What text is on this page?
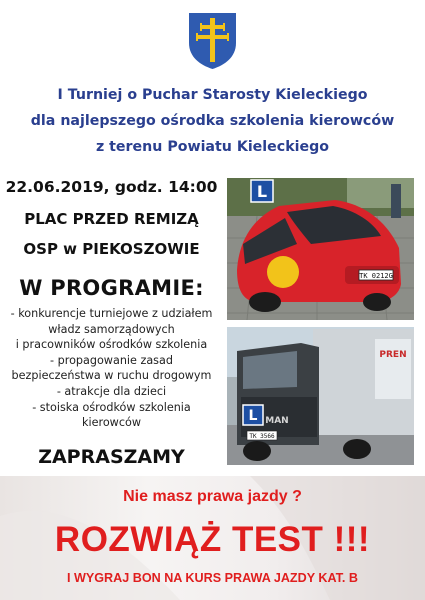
I Turniej o Puchar Starosty Kieleckiego
dla najlepszego ośrodka szkolenia kierowców
z terenu Powiatu Kieleckiego
22.06.2019, godz. 14:00
PLAC PRZED REMIZĄ
OSP w PIEKOSZOWIE
W PROGRAMIE:
- konkurencje turniejowe z udziałem
władz samorządowych
i pracowników ośrodków szkolenia
- propagowanie zasad
bezpieczeństwa w ruchu drogowym
- atrakcje dla dzieci
- stoiska ośrodków szkolenia
kierowców
ZAPRASZAMY
TK 0212G
L
PREN
MAN
TK 3566
L
Nie masz prawa jazdy ?
ROZWIĄŻ TEST !!!
I WYGRAJ BON NA KURS PRAWA JAZDY KAT. B
